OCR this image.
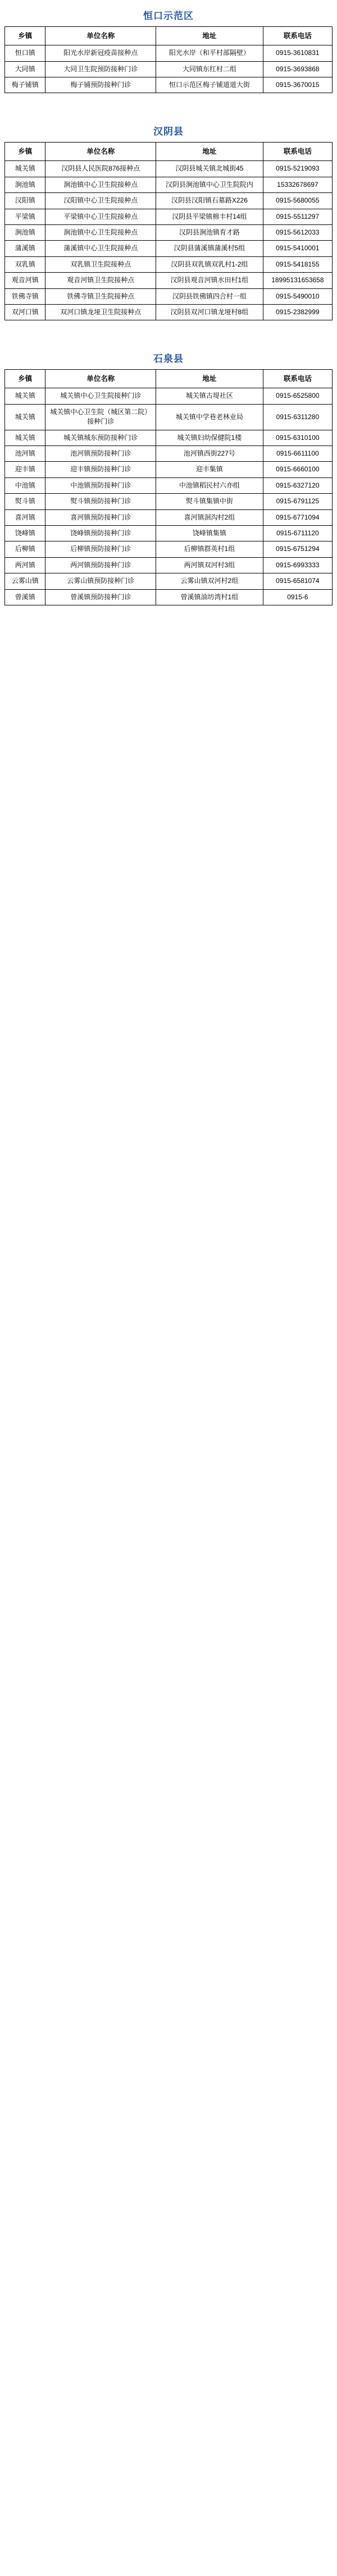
恒口示范区
乡镇	单位名称	地址	联系电话
恒口镇	阳光水岸新冠疫苗接种点	阳光水岸（和平村部隔壁）	0915-3610831
大同镇	大同卫生院预防接种门诊	大同镇东红村二组	0915-3693868
梅子铺镇	梅子铺预防接种门诊	恒口示范区梅子铺道道大街	0915-3670015
汉阴县
乡镇	单位名称	地址	联系电话
城关镇	汉阴县人民医院876接种点	汉阴县城关镇北城街45	0915-5219093
涧池镇	涧池镇中心卫生院接种点	汉阴县涧池镇中心卫生院院内	15332678697
汉阳镇	汉阳镇中心卫生院接种点	汉阴县汉阳镇石墓路X226	0915-5680055
平梁镇	平梁镇中心卫生院接种点	汉阴县平梁镇棉丰村14组	0915-5511297
涧池镇	涧池镇中心卫生院接种点	汉阴县涧池镇育才路	0915-5612033
蒲溪镇	蒲溪镇中心卫生院接种点	汉阴县蒲溪镇蒲溪村5组	0915-5410001
双乳镇	双乳镇卫生院接种点	汉阴县双乳镇双乳村1-2组	0915-5418155
观音河镇	观音河镇卫生院接种点	汉阴县观音河镇水田村1组	18995131653658
铁佛寺镇	铁佛寺镇卫生院接种点	汉阴县铁佛镇四合村一组	0915-5490010
双河口镇	双河口镇龙垭卫生院接种点	汉阴县双河口镇龙垭村8组	0915-2382999
石泉县
乡镇	单位名称	地址	联系电话
城关镇	城关镇中心卫生院接种门诊	城关镇古堤社区	0915-6525800
城关镇	城关镇中心卫生院（城区第二院）接种门诊	城关镇中学巷老林业局	0915-6311280
城关镇	城关镇城东预防接种门诊	城关镇妇幼保健院1楼	0915-6310100
池河镇	池河镇预防接种门诊	池河镇西街227号	0915-6611100
迎丰镇	迎丰镇预防接种门诊	迎丰集镇	0915-6660100
中池镇	中池镇预防接种门诊	中池镇稻民村六亦组	0915-6327120
熨斗镇	熨斗镇预防接种门诊	熨斗镇集镇中街	0915-6791125
喜河镇	喜河镇预防接种门诊	喜河镇洄沟村2组	0915-6771094
饶峰镇	饶峰镇预防接种门诊	饶峰镇集镇	0915-6711120
后柳镇	后柳镇预防接种门诊	后柳镇群英村1组	0915-6751294
两河镇	两河镇预防接种门诊	两河镇双河村3组	0915-6993333
云雾山镇	云雾山镇预防接种门诊	云雾山镇双河村2组	0915-6581074
曾溪镇	曾溪镇预防接种门诊	曾溪镇油坊湾村1组	0915-6
